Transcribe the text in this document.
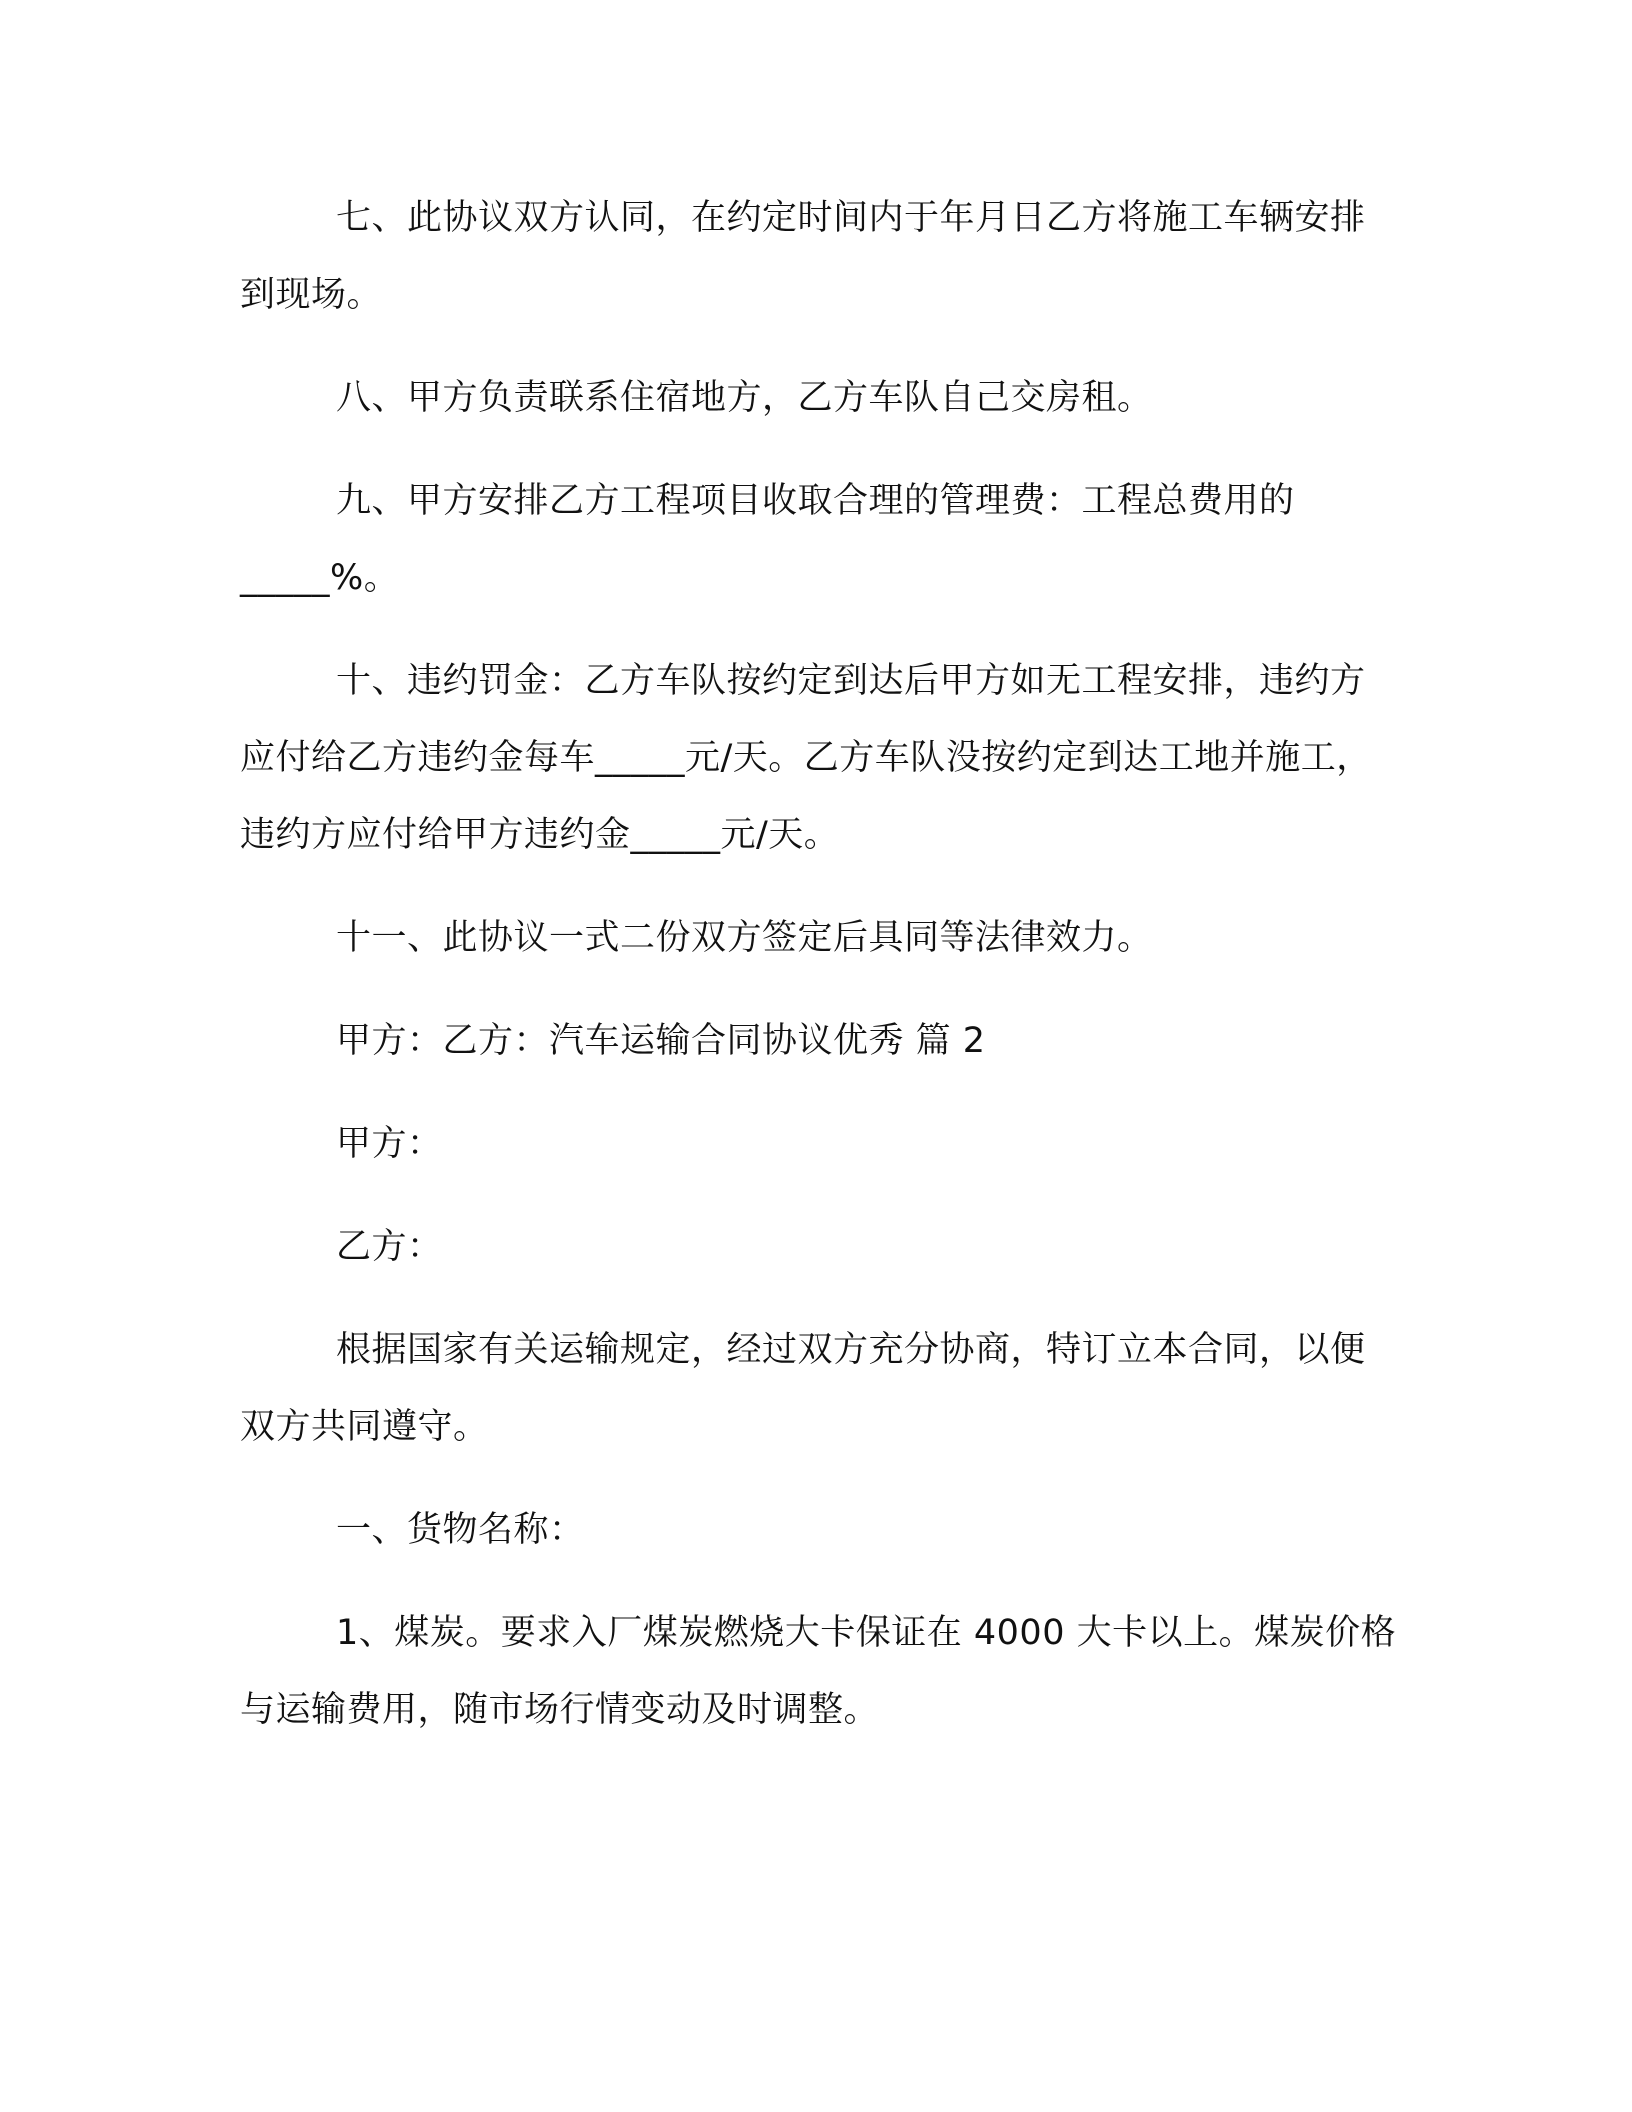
七、此协议双方认同，在约定时间内于年月日乙方将施工车辆安排到现场。

八、甲方负责联系住宿地方，乙方车队自己交房租。

九、甲方安排乙方工程项目收取合理的管理费：工程总费用的_____%。

十、违约罚金：乙方车队按约定到达后甲方如无工程安排，违约方应付给乙方违约金每车_____元/天。乙方车队没按约定到达工地并施工，违约方应付给甲方违约金_____元/天。

十一、此协议一式二份双方签定后具同等法律效力。

甲方：乙方：汽车运输合同协议优秀 篇 2

甲方：

乙方：

根据国家有关运输规定，经过双方充分协商，特订立本合同，以便双方共同遵守。

一、货物名称：

1、煤炭。要求入厂煤炭燃烧大卡保证在 4000 大卡以上。煤炭价格与运输费用，随市场行情变动及时调整。
